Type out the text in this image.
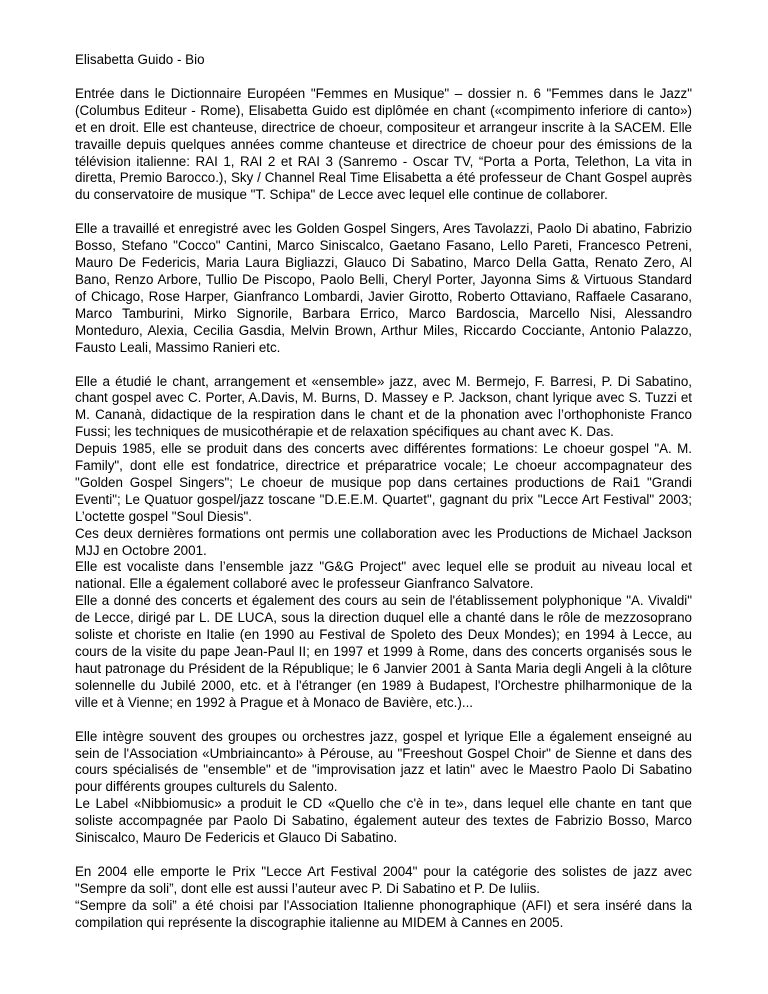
Elisabetta Guido - Bio

Entrée dans le Dictionnaire Européen "Femmes en Musique" – dossier n. 6 "Femmes dans le Jazz" (Columbus Editeur - Rome), Elisabetta Guido est diplômée en chant («compimento inferiore di canto») et en droit. Elle est chanteuse, directrice de choeur, compositeur et arrangeur inscrite à la SACEM. Elle travaille depuis quelques années comme chanteuse et directrice de choeur pour des émissions de la télévision italienne: RAI 1, RAI 2 et RAI 3 (Sanremo - Oscar TV, “Porta a Porta, Telethon, La vita in diretta, Premio Barocco.), Sky / Channel Real Time Elisabetta a été professeur de Chant Gospel auprès du conservatoire de musique "T. Schipa" de Lecce avec lequel elle continue de collaborer.

Elle a travaillé et enregistré avec les Golden Gospel Singers, Ares Tavolazzi, Paolo Di abatino, Fabrizio Bosso, Stefano "Cocco" Cantini, Marco Siniscalco, Gaetano Fasano, Lello Pareti, Francesco Petreni, Mauro De Federicis, Maria Laura Bigliazzi, Glauco Di Sabatino, Marco Della Gatta, Renato Zero, Al Bano, Renzo Arbore, Tullio De Piscopo, Paolo Belli, Cheryl Porter, Jayonna Sims & Virtuous Standard of Chicago, Rose Harper, Gianfranco Lombardi, Javier Girotto, Roberto Ottaviano, Raffaele Casarano, Marco Tamburini, Mirko Signorile, Barbara Errico, Marco Bardoscia, Marcello Nisi, Alessandro Monteduro, Alexia, Cecilia Gasdia, Melvin Brown, Arthur Miles, Riccardo Cocciante, Antonio Palazzo, Fausto Leali, Massimo Ranieri etc.

Elle a étudié le chant, arrangement et «ensemble» jazz, avec M. Bermejo, F. Barresi, P. Di Sabatino, chant gospel avec C. Porter, A.Davis, M. Burns, D. Massey e P. Jackson, chant lyrique avec S. Tuzzi et M. Cananà, didactique de la respiration dans le chant et de la phonation avec l’orthophoniste Franco Fussi; les techniques de musicothérapie et de relaxation spécifiques au chant avec K. Das.

Depuis 1985, elle se produit dans des concerts avec différentes formations: Le choeur gospel "A. M. Family", dont elle est fondatrice, directrice et préparatrice vocale; Le choeur accompagnateur des "Golden Gospel Singers"; Le choeur de musique pop dans certaines productions de Rai1 "Grandi Eventi"; Le Quatuor gospel/jazz toscane "D.E.E.M. Quartet", gagnant du prix "Lecce Art Festival" 2003; L’octette gospel "Soul Diesis".

Ces deux dernières formations ont permis une collaboration avec les Productions de Michael Jackson MJJ en Octobre 2001.

Elle est vocaliste dans l’ensemble jazz "G&G Project" avec lequel elle se produit au niveau local et national. Elle a également collaboré avec le professeur Gianfranco Salvatore.

Elle a donné des concerts et également des cours au sein de l'établissement polyphonique "A. Vivaldi" de Lecce, dirigé par L. DE LUCA, sous la direction duquel elle a chanté dans le rôle de mezzosoprano soliste et choriste en Italie (en 1990 au Festival de Spoleto des Deux Mondes); en 1994 à Lecce, au cours de la visite du pape Jean-Paul II; en 1997 et 1999 à Rome, dans des concerts organisés sous le haut patronage du Président de la République; le 6 Janvier 2001 à Santa Maria degli Angeli à la clôture solennelle du Jubilé 2000, etc. et à l'étranger (en 1989 à Budapest, l'Orchestre philharmonique de la ville et à Vienne; en 1992 à Prague et à Monaco de Bavière, etc.)...

Elle intègre souvent des groupes ou orchestres jazz, gospel et lyrique Elle a également enseigné au sein de l'Association «Umbriaincanto» à Pérouse, au "Freeshout Gospel Choir" de Sienne et dans des cours spécialisés de "ensemble" et de "improvisation jazz et latin" avec le Maestro Paolo Di Sabatino pour différents groupes culturels du Salento.

Le Label «Nibbiomusic» a produit le CD «Quello che c'è in te», dans lequel elle chante en tant que soliste accompagnée par Paolo Di Sabatino, également auteur des textes de Fabrizio Bosso, Marco Siniscalco, Mauro De Federicis et Glauco Di Sabatino.

En 2004 elle emporte le Prix "Lecce Art Festival 2004" pour la catégorie des solistes de jazz avec "Sempre da soli”, dont elle est aussi l’auteur avec P. Di Sabatino et P. De Iuliis.

“Sempre da soli” a été choisi par l'Association Italienne phonographique (AFI) et sera inséré dans la compilation qui représente la discographie italienne au MIDEM à Cannes en 2005.
